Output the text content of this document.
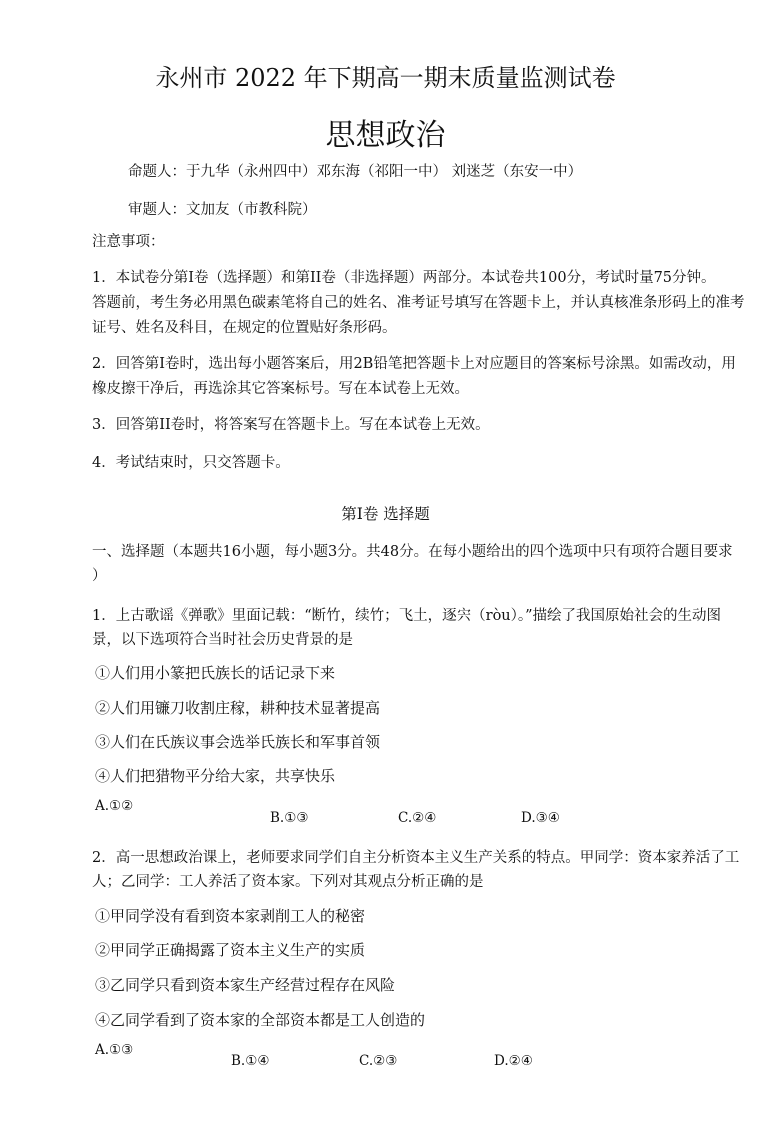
永州市 2022 年下期高一期末质量监测试卷
思想政治
命题人：于九华（永州四中）邓东海（祁阳一中） 刘迷芝（东安一中）
审题人：文加友（市教科院）
注意事项：
1．本试卷分第I卷（选择题）和第II卷（非选择题）两部分。本试卷共100分，考试时量75分钟。
答题前，考生务必用黑色碳素笔将自己的姓名、准考证号填写在答题卡上，并认真核准条形码上的准考
证号、姓名及科目，在规定的位置贴好条形码。
2．回答第I卷时，选出每小题答案后，用2B铅笔把答题卡上对应题目的答案标号涂黑。如需改动，用
橡皮擦干净后，再选涂其它答案标号。写在本试卷上无效。
3．回答第II卷时，将答案写在答题卡上。写在本试卷上无效。
4．考试结束时，只交答题卡。
第I卷 选择题
一、选择题（本题共16小题，每小题3分。共48分。在每小题给出的四个选项中只有项符合题目要求
）
1．上古歌谣《弹歌》里面记载：“断竹，续竹；飞土，逐宍（ròu）。”描绘了我国原始社会的生动图
景，以下选项符合当时社会历史背景的是
①人们用小篆把氏族长的话记录下来
②人们用镰刀收割庄稼，耕种技术显著提高
③人们在氏族议事会选举氏族长和军事首领
④人们把猎物平分给大家，共享快乐
A.①②
B.①③	C.②④	D.③④
2．高一思想政治课上，老师要求同学们自主分析资本主义生产关系的特点。甲同学：资本家养活了工
人；乙同学：工人养活了资本家。下列对其观点分析正确的是
①甲同学没有看到资本家剥削工人的秘密
②甲同学正确揭露了资本主义生产的实质
③乙同学只看到资本家生产经营过程存在风险
④乙同学看到了资本家的全部资本都是工人创造的
A.①③
B.①④	C.②③	D.②④
